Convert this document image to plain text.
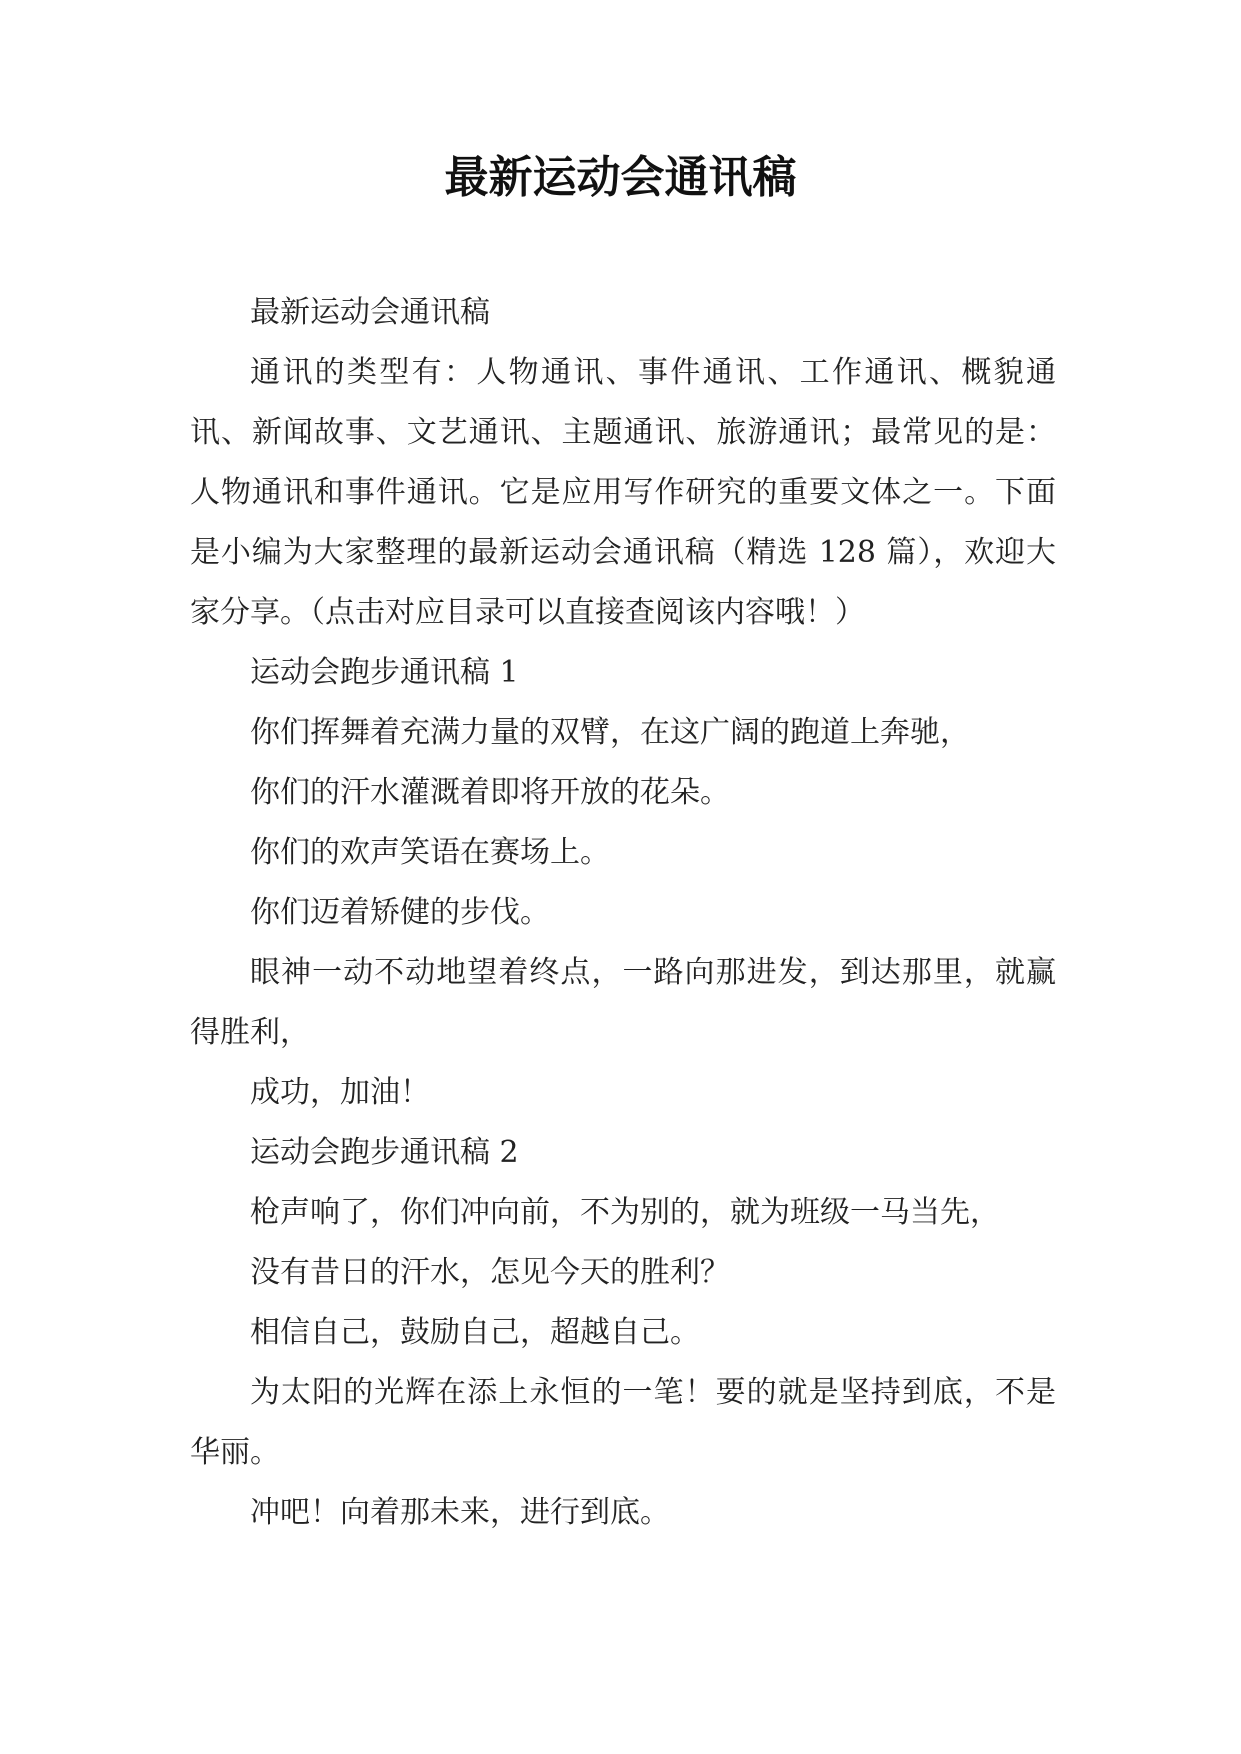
最新运动会通讯稿

最新运动会通讯稿

通讯的类型有：人物通讯、事件通讯、工作通讯、概貌通讯、新闻故事、文艺通讯、主题通讯、旅游通讯；最常见的是：人物通讯和事件通讯。它是应用写作研究的重要文体之一。下面是小编为大家整理的最新运动会通讯稿（精选 128 篇），欢迎大家分享。（点击对应目录可以直接查阅该内容哦！）

运动会跑步通讯稿 1

你们挥舞着充满力量的双臂，在这广阔的跑道上奔驰，

你们的汗水灌溉着即将开放的花朵。

你们的欢声笑语在赛场上。

你们迈着矫健的步伐。

眼神一动不动地望着终点，一路向那进发，到达那里，就赢得胜利，

成功，加油！

运动会跑步通讯稿 2

枪声响了，你们冲向前，不为别的，就为班级一马当先，

没有昔日的汗水，怎见今天的胜利？

相信自己，鼓励自己，超越自己。

为太阳的光辉在添上永恒的一笔！要的就是坚持到底，不是华丽。

冲吧！向着那未来，进行到底。
